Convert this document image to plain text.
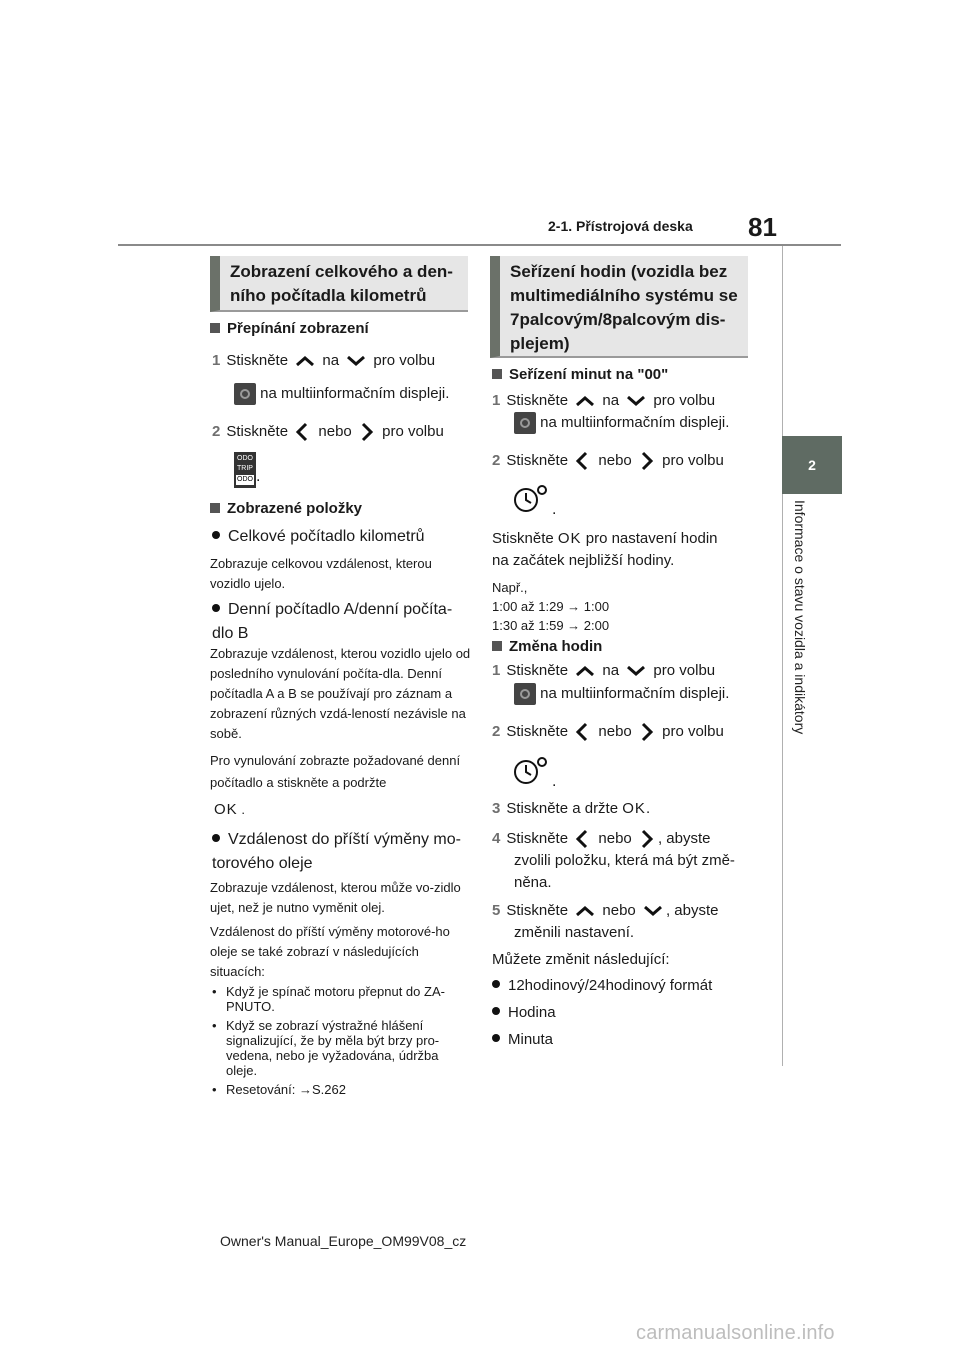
2-1. Přístrojová deska 81
2
Informace o stavu vozidla a indikátory
Zobrazení celkového a den-
ního počítadla kilometrů
Přepínání zobrazení
1 Stiskněte na pro volbu
na multiinformačním displeji.
2 Stiskněte nebo pro volbu
ODO
TRIP
ODO .
Zobrazené položky
Celkové počítadlo kilometrů
Zobrazuje celkovou vzdálenost, kterou vozidlo ujelo.
Denní počítadlo A/denní počíta-
dlo B
Zobrazuje vzdálenost, kterou vozidlo ujelo od posledního vynulování počíta-dla. Denní počítadla A a B se používají pro záznam a zobrazení různých vzdá-leností nezávisle na sobě.
Pro vynulování zobrazte požadované denní počítadlo a stiskněte a podržte
OK .
Vzdálenost do příští výměny mo-
torového oleje
Zobrazuje vzdálenost, kterou může vo-zidlo ujet, než je nutno vyměnit olej.
Vzdálenost do příští výměny motorové-ho oleje se také zobrazí v následujících situacích:
• Když je spínač motoru přepnut do ZA-PNUTO.
• Když se zobrazí výstražné hlášení signalizující, že by měla být brzy pro-vedena, nebo je vyžadována, údržba oleje.
• Resetování: →S.262
Seřízení hodin (vozidla bez
multimediálního systému se
7palcovým/8palcovým dis-
plejem)
Seřízení minut na "00"
1 Stiskněte na pro volbu
na multiinformačním displeji.
2 Stiskněte nebo pro volbu
.
Stiskněte OK pro nastavení hodin
na začátek nejbližší hodiny.
Např.,
1:00 až 1:29 → 1:00
1:30 až 1:59 → 2:00
Změna hodin
1 Stiskněte na pro volbu
na multiinformačním displeji.
2 Stiskněte nebo pro volbu
.
3 Stiskněte a držte OK.
4 Stiskněte nebo , abyste
zvolili položku, která má být změ-
něna.
5 Stiskněte nebo , abyste
změnili nastavení.
Můžete změnit následující:
12hodinový/24hodinový formát
Hodina
Minuta
Owner's Manual_Europe_OM99V08_cz
carmanualsonline.info
